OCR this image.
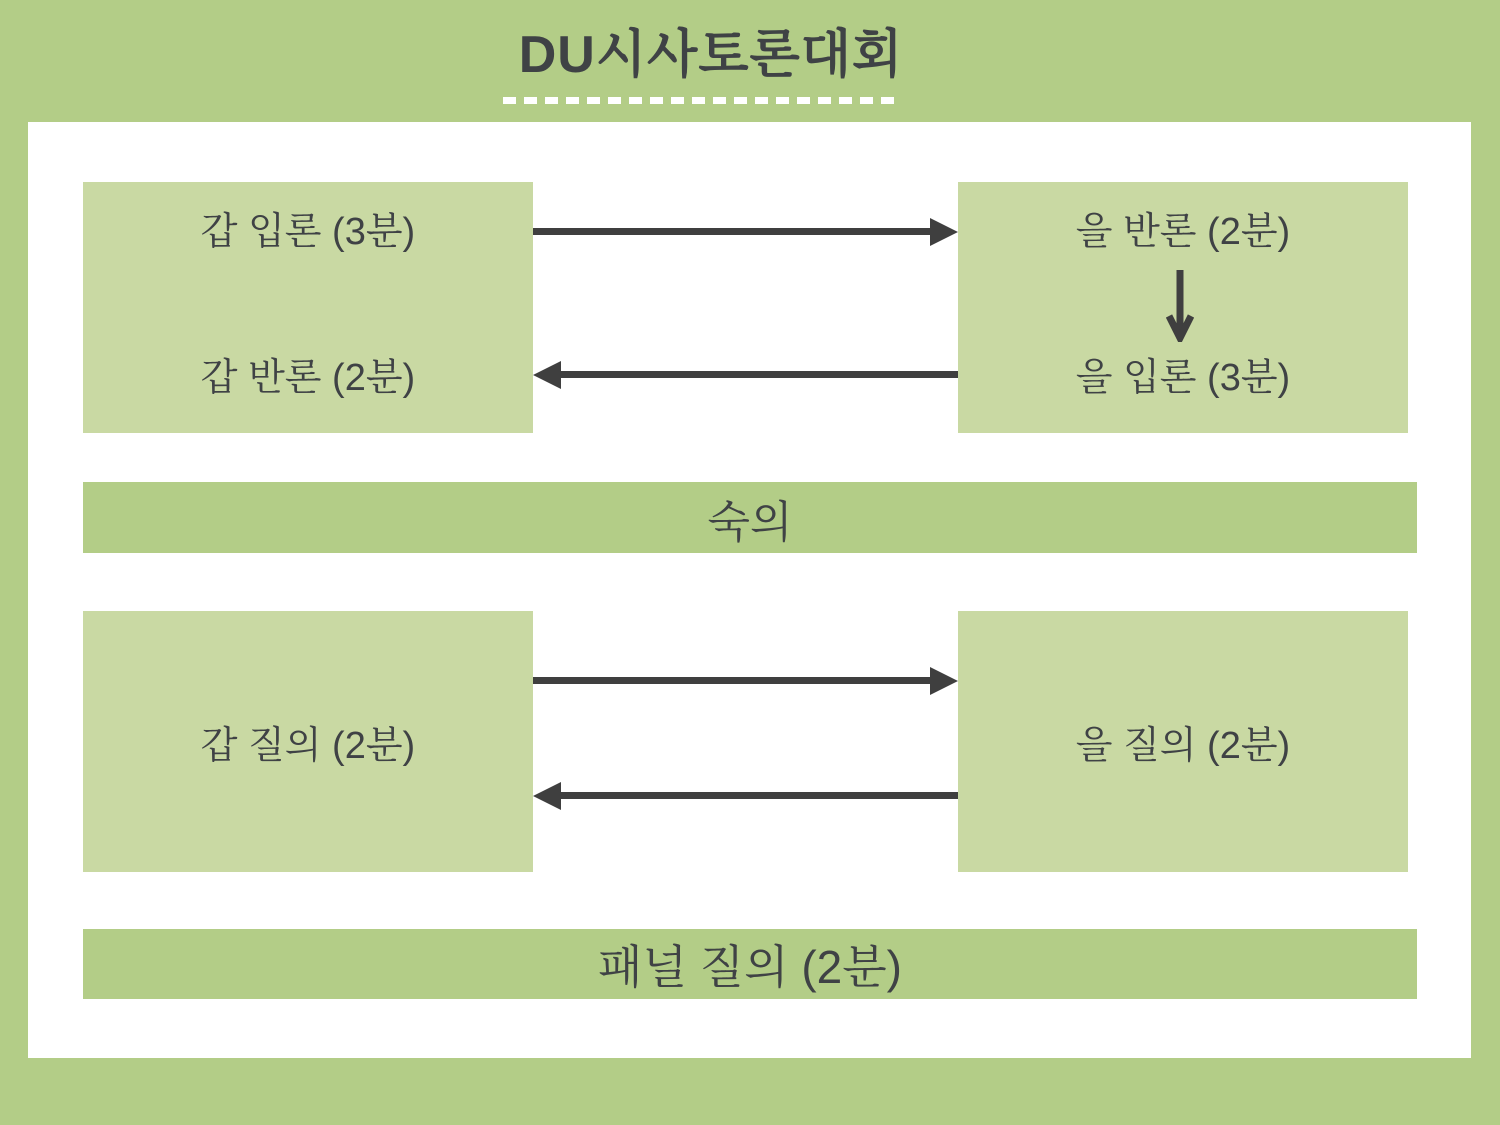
DU시사토론대회
갑 입론 (3분)
갑 반론 (2분)
을 반론 (2분)
을 입론 (3분)
숙의
갑 질의 (2분)	을 질의 (2분)
패널 질의 (2분)
